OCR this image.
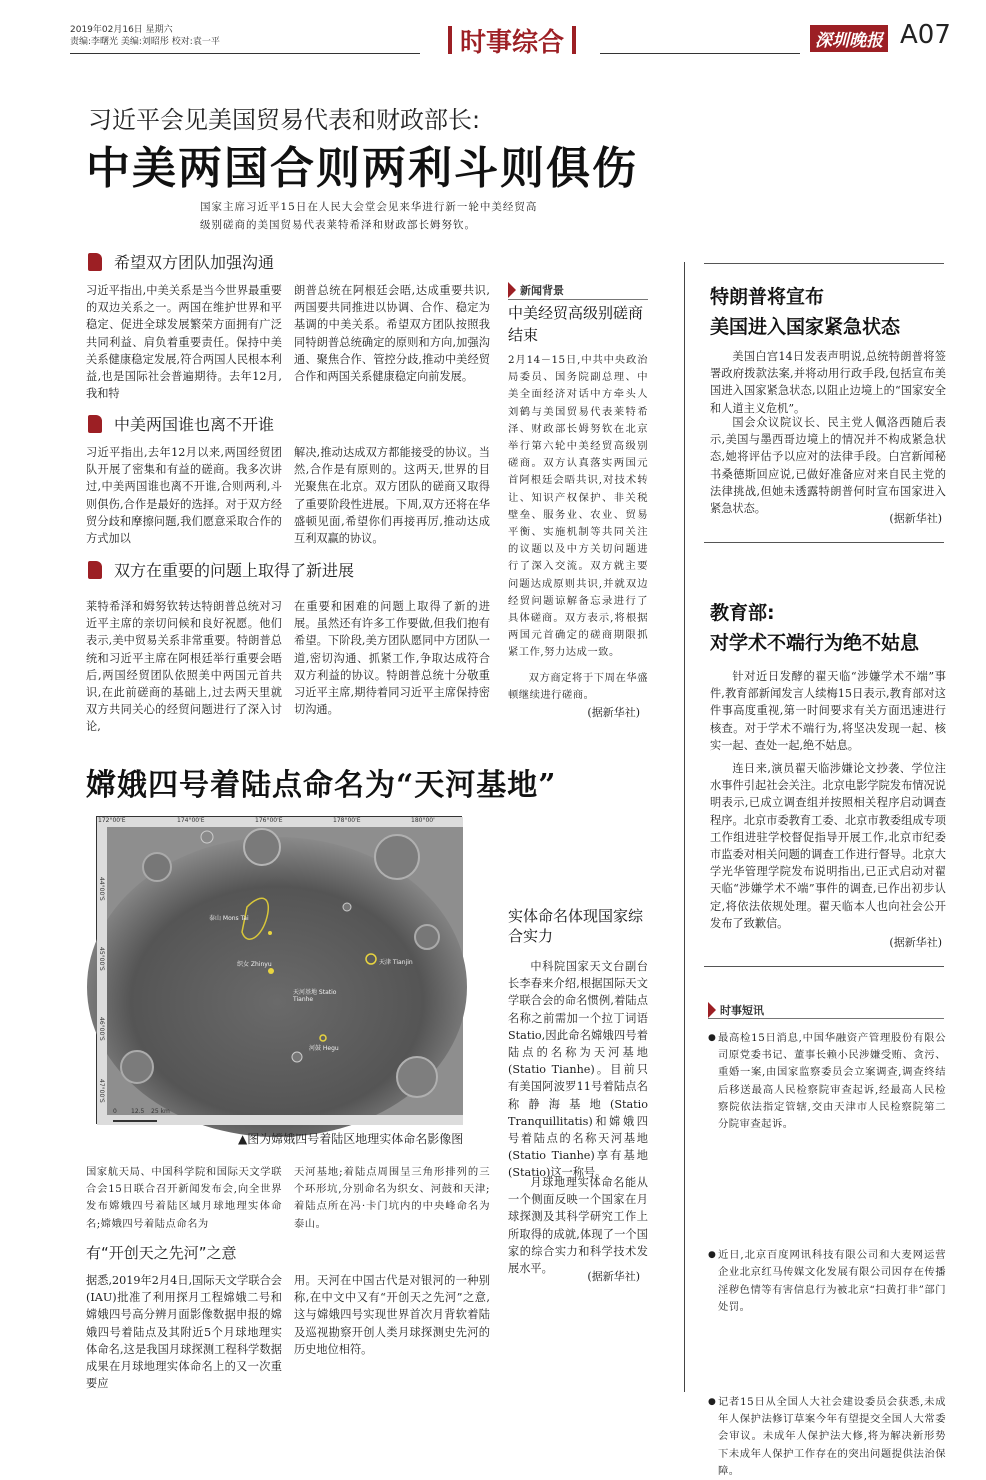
2019年02月16日 星期六
责编:李曙光 美编:刘昭彤 校对:袁一平	时事综合	深圳晚报 A07
习近平会见美国贸易代表和财政部长:
中美两国合则两利斗则俱伤
国家主席习近平15日在人民大会堂会见来华进行新一轮中美经贸高级别磋商的美国贸易代表莱特希泽和财政部长姆努钦。
希望双方团队加强沟通
习近平指出,中美关系是当今世界最重要的双边关系之一。两国在维护世界和平稳定、促进全球发展繁荣方面拥有广泛共同利益、肩负着重要责任。保持中美关系健康稳定发展,符合两国人民根本利益,也是国际社会普遍期待。去年12月,我和特
朗普总统在阿根廷会晤,达成重要共识,两国要共同推进以协调、合作、稳定为基调的中美关系。希望双方团队按照我同特朗普总统确定的原则和方向,加强沟通、聚焦合作、管控分歧,推动中美经贸合作和两国关系健康稳定向前发展。
中美两国谁也离不开谁
习近平指出,去年12月以来,两国经贸团队开展了密集和有益的磋商。我多次讲过,中美两国谁也离不开谁,合则两利,斗则俱伤,合作是最好的选择。对于双方经贸分歧和摩擦问题,我们愿意采取合作的方式加以
解决,推动达成双方都能接受的协议。当然,合作是有原则的。这两天,世界的目光聚焦在北京。双方团队的磋商又取得了重要阶段性进展。下周,双方还将在华盛顿见面,希望你们再接再厉,推动达成互利双赢的协议。
双方在重要的问题上取得了新进展
莱特希泽和姆努钦转达特朗普总统对习近平主席的亲切问候和良好祝愿。他们表示,美中贸易关系非常重要。特朗普总统和习近平主席在阿根廷举行重要会晤后,两国经贸团队依照美中两国元首共识,在此前磋商的基础上,过去两天里就双方共同关心的经贸问题进行了深入讨论,
在重要和困难的问题上取得了新的进展。虽然还有许多工作要做,但我们抱有希望。下阶段,美方团队愿同中方团队一道,密切沟通、抓紧工作,争取达成符合双方利益的协议。特朗普总统十分敬重习近平主席,期待着同习近平主席保持密切沟通。
新闻背景
中美经贸高级别磋商结束
2月14－15日,中共中央政治局委员、国务院副总理、中美全面经济对话中方牵头人刘鹤与美国贸易代表莱特希泽、财政部长姆努钦在北京举行第六轮中美经贸高级别磋商。双方认真落实两国元首阿根廷会晤共识,对技术转让、知识产权保护、非关税壁垒、服务业、农业、贸易平衡、实施机制等共同关注的议题以及中方关切问题进行了深入交流。双方就主要问题达成原则共识,并就双边经贸问题谅解备忘录进行了具体磋商。双方表示,将根据两国元首确定的磋商期限抓紧工作,努力达成一致。
双方商定将于下周在华盛顿继续进行磋商。
(据新华社)
嫦娥四号着陆点命名为“天河基地”
172°00'E	174°00'E	176°00'E	178°00'E	180°00'
44°00'S
45°00'S
46°00'S
47°00'S
织女 Zhinyu
河鼓 Hegu
天津 Tianjin
泰山 Mons Tai
天河基地 Statio Tianhe
0 12.5 25 km
▲图为嫦娥四号着陆区地理实体命名影像图
实体命名体现国家综合实力
中科院国家天文台副台长李春来介绍,根据国际天文学联合会的命名惯例,着陆点名称之前需加一个拉丁词语Statio,因此命名嫦娥四号着陆点的名称为天河基地(Statio Tianhe)。目前只有美国阿波罗11号着陆点名称静海基地(Statio Tranquillitatis)和嫦娥四号着陆点的名称天河基地(Statio Tianhe)享有基地(Statio)这一称号。
月球地理实体命名能从一个侧面反映一个国家在月球探测及其科学研究工作上所取得的成就,体现了一个国家的综合实力和科学技术发展水平。
(据新华社)
国家航天局、中国科学院和国际天文学联合会15日联合召开新闻发布会,向全世界发布嫦娥四号着陆区域月球地理实体命名;嫦娥四号着陆点命名为
天河基地;着陆点周围呈三角形排列的三个环形坑,分别命名为织女、河鼓和天津;着陆点所在冯·卡门坑内的中央峰命名为泰山。
有“开创天之先河”之意
据悉,2019年2月4日,国际天文学联合会(IAU)批准了利用探月工程嫦娥二号和嫦娥四号高分辨月面影像数据申报的嫦娥四号着陆点及其附近5个月球地理实体命名,这是我国月球探测工程科学数据成果在月球地理实体命名上的又一次重要应
用。天河在中国古代是对银河的一种别称,在中文中又有“开创天之先河”之意,这与嫦娥四号实现世界首次月背软着陆及巡视勘察开创人类月球探测史先河的历史地位相符。
特朗普将宣布
美国进入国家紧急状态
美国白宫14日发表声明说,总统特朗普将签署政府拨款法案,并将动用行政手段,包括宣布美国进入国家紧急状态,以阻止边境上的“国家安全和人道主义危机”。
国会众议院议长、民主党人佩洛西随后表示,美国与墨西哥边境上的情况并不构成紧急状态,她将评估予以应对的法律手段。白宫新闻秘书桑德斯回应说,已做好准备应对来自民主党的法律挑战,但她未透露特朗普何时宣布国家进入紧急状态。
(据新华社)
教育部:
对学术不端行为绝不姑息
针对近日发酵的翟天临“涉嫌学术不端”事件,教育部新闻发言人续梅15日表示,教育部对这件事高度重视,第一时间要求有关方面迅速进行核查。对于学术不端行为,将坚决发现一起、核实一起、查处一起,绝不姑息。
连日来,演员翟天临涉嫌论文抄袭、学位注水事件引起社会关注。北京电影学院发布情况说明表示,已成立调查组并按照相关程序启动调查程序。北京市委教育工委、北京市教委组成专项工作组进驻学校督促指导开展工作,北京市纪委市监委对相关问题的调查工作进行督导。北京大学光华管理学院发布说明指出,已正式启动对翟天临“涉嫌学术不端”事件的调查,已作出初步认定,将依法依规处理。翟天临本人也向社会公开发布了致歉信。
(据新华社)
时事短讯
● 最高检15日消息,中国华融资产管理股份有限公司原党委书记、董事长赖小民涉嫌受贿、贪污、重婚一案,由国家监察委员会立案调查,调查终结后移送最高人民检察院审查起诉,经最高人民检察院依法指定管辖,交由天津市人民检察院第二分院审查起诉。
● 近日,北京百度网讯科技有限公司和大麦网运营企业北京红马传媒文化发展有限公司因存在传播淫秽色情等有害信息行为被北京“扫黄打非”部门处罚。
● 记者15日从全国人大社会建设委员会获悉,未成年人保护法修订草案今年有望提交全国人大常委会审议。未成年人保护法大修,将为解决新形势下未成年人保护工作存在的突出问题提供法治保障。
